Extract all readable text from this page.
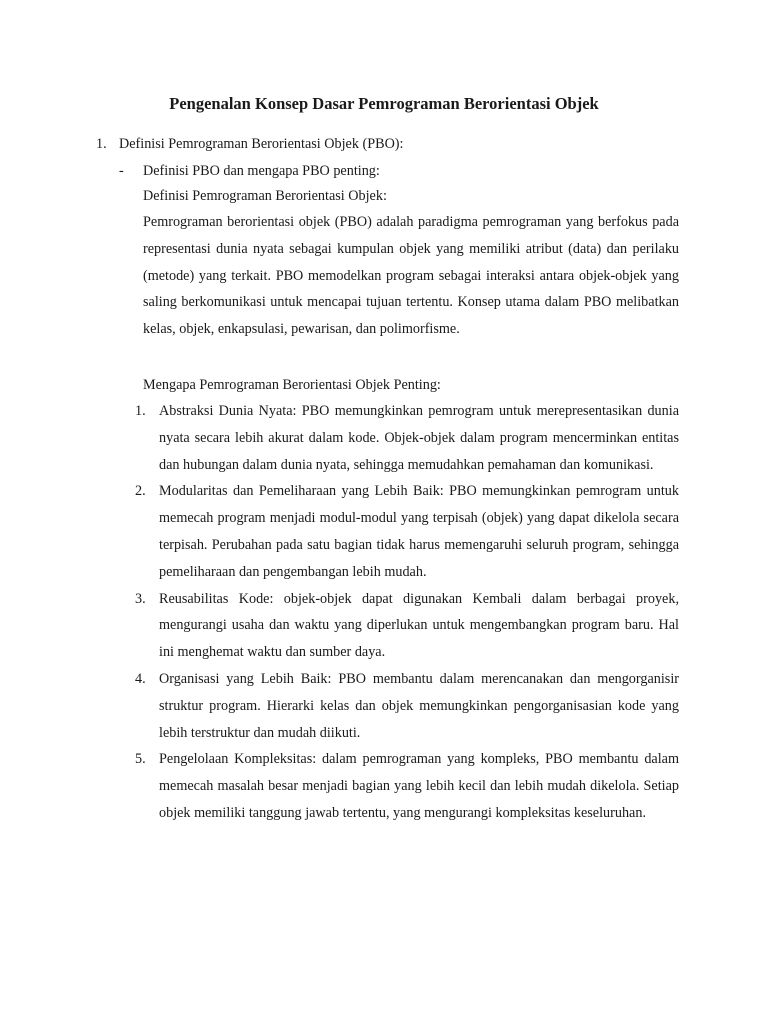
Pengenalan Konsep Dasar Pemrograman Berorientasi Objek
1. Definisi Pemrograman Berorientasi Objek (PBO):
- Definisi PBO dan mengapa PBO penting:

Definisi Pemrograman Berorientasi Objek:

Pemrograman berorientasi objek (PBO) adalah paradigma pemrograman yang berfokus pada representasi dunia nyata sebagai kumpulan objek yang memiliki atribut (data) dan perilaku (metode) yang terkait. PBO memodelkan program sebagai interaksi antara objek-objek yang saling berkomunikasi untuk mencapai tujuan tertentu. Konsep utama dalam PBO melibatkan kelas, objek, enkapsulasi, pewarisan, dan polimorfisme.

Mengapa Pemrograman Berorientasi Objek Penting:

1. Abstraksi Dunia Nyata: PBO memungkinkan pemrogram untuk merepresentasikan dunia nyata secara lebih akurat dalam kode. Objek-objek dalam program mencerminkan entitas dan hubungan dalam dunia nyata, sehingga memudahkan pemahaman dan komunikasi.
2. Modularitas dan Pemeliharaan yang Lebih Baik: PBO memungkinkan pemrogram untuk memecah program menjadi modul-modul yang terpisah (objek) yang dapat dikelola secara terpisah. Perubahan pada satu bagian tidak harus memengaruhi seluruh program, sehingga pemeliharaan dan pengembangan lebih mudah.
3. Reusabilitas Kode: objek-objek dapat digunakan Kembali dalam berbagai proyek, mengurangi usaha dan waktu yang diperlukan untuk mengembangkan program baru. Hal ini menghemat waktu dan sumber daya.
4. Organisasi yang Lebih Baik: PBO membantu dalam merencanakan dan mengorganisir struktur program. Hierarki kelas dan objek memungkinkan pengorganisasian kode yang lebih terstruktur dan mudah diikuti.
5. Pengelolaan Kompleksitas: dalam pemrograman yang kompleks, PBO membantu dalam memecah masalah besar menjadi bagian yang lebih kecil dan lebih mudah dikelola. Setiap objek memiliki tanggung jawab tertentu, yang mengurangi kompleksitas keseluruhan.
